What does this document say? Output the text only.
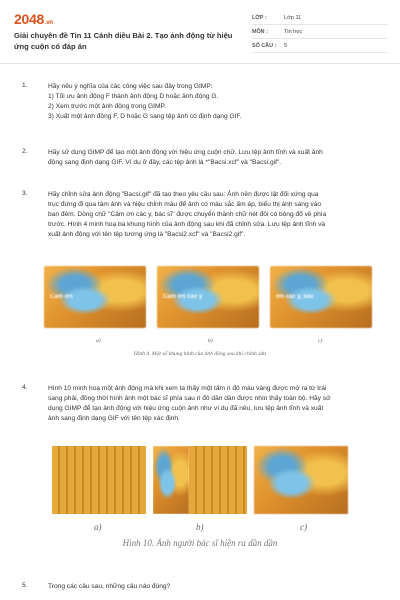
2048.vn
Giải chuyên đề Tin 11 Cánh diều Bài 2. Tạo ảnh động từ hiệu ứng cuộn có đáp án
LỚP :	Lớp 11
MÔN :	Tin học
SỐ CÂU :	5
1.	Hãy nêu ý nghĩa của các công việc sau đây trong GIMP:
1) Tối ưu ảnh động F thành ảnh động D hoặc ảnh động G.
2) Xem trước một ảnh động trong GIMP.
3) Xuất một ảnh động F, D hoặc G sang tệp ảnh có định dạng GIF.
2.	Hãy sử dụng GIMP để tạo một ảnh động với hiệu ứng cuộn chữ. Lưu tệp ảnh tĩnh và xuất ảnh
động sang định dạng GIF. Ví dụ ở đây, các tệp ảnh là *"Bacsi.xcf" và "Bacsi.gif".
3.	Hãy chỉnh sửa ảnh động "Bacsi.gif" đã tạo theo yêu cầu sau: Ảnh nền được lật đối xứng qua
trục đứng đi qua tâm ảnh và hiệu chỉnh màu để ảnh có màu sắc ấm áp, biểu thị ánh sáng vào
ban đêm. Dòng chữ "Cảm ơn các y, bác sĩ" được chuyển thành chữ nét đôi có bóng đổ về phía
trước. Hình 4 minh hoạ ba khung hình của ảnh động sau khi đã chỉnh sửa. Lưu tệp ảnh tĩnh và
xuất ảnh động với tên tệp tương ứng là "Bacsi2.xcf" và "Bacsi2.gif".
Cảm ơn	Cảm ơn các y	ơn các y, bác
a)	b)	c)
Hình 4. Một số khung hình của ảnh động sau khi chỉnh sửa
4.	Hình 10 minh hoạ một ảnh động mà khi xem ta thấy một tấm ri đô màu vàng được mở ra từ trái
sang phải, đồng thời hình ảnh một bác sĩ phía sau ri đô dần dần được nhìn thấy toàn bộ. Hãy sử
dụng GIMP để tạo ảnh động với hiệu ứng cuộn ảnh như ví dụ đã nêu, lưu tệp ảnh tĩnh và xuất
ảnh sang định dạng GIF với tên tệp xác định.
a)	b)	c)
Hình 10. Ảnh người bác sĩ hiện ra dần dần
5.	Trong các câu sau, những câu nào đúng?
